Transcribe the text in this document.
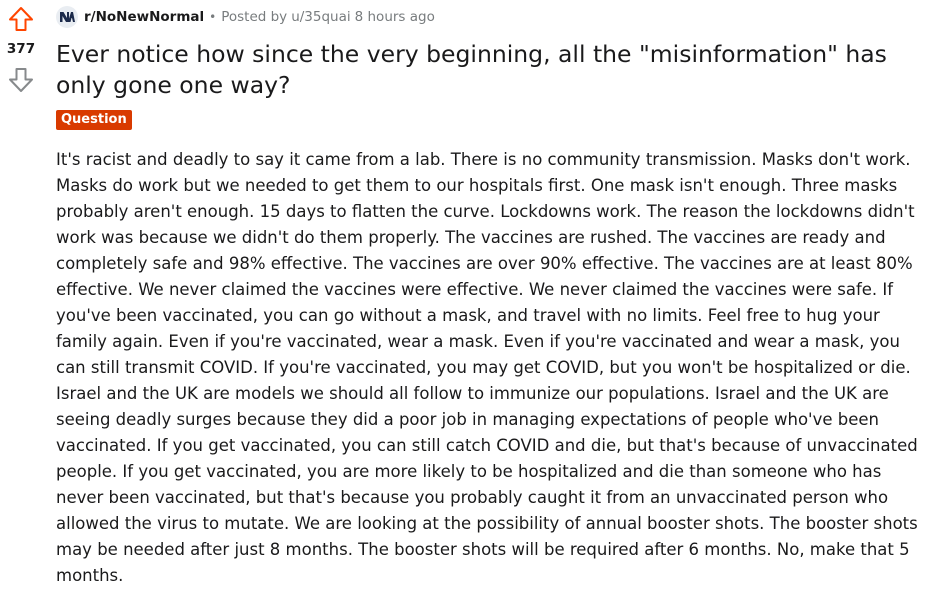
377
r/NoNewNormal • Posted by u/35quai 8 hours ago
Ever notice how since the very beginning, all the "misinformation" has only gone one way?
Question

It's racist and deadly to say it came from a lab. There is no community transmission. Masks don't work. Masks do work but we needed to get them to our hospitals first. One mask isn't enough. Three masks probably aren't enough. 15 days to flatten the curve. Lockdowns work. The reason the lockdowns didn't work was because we didn't do them properly. The vaccines are rushed. The vaccines are ready and completely safe and 98% effective. The vaccines are over 90% effective. The vaccines are at least 80% effective. We never claimed the vaccines were effective. We never claimed the vaccines were safe. If you've been vaccinated, you can go without a mask, and travel with no limits. Feel free to hug your family again. Even if you're vaccinated, wear a mask. Even if you're vaccinated and wear a mask, you can still transmit COVID. If you're vaccinated, you may get COVID, but you won't be hospitalized or die. Israel and the UK are models we should all follow to immunize our populations. Israel and the UK are seeing deadly surges because they did a poor job in managing expectations of people who've been vaccinated. If you get vaccinated, you can still catch COVID and die, but that's because of unvaccinated people. If you get vaccinated, you are more likely to be hospitalized and die than someone who has never been vaccinated, but that's because you probably caught it from an unvaccinated person who allowed the virus to mutate. We are looking at the possibility of annual booster shots. The booster shots may be needed after just 8 months. The booster shots will be required after 6 months. No, make that 5 months.
